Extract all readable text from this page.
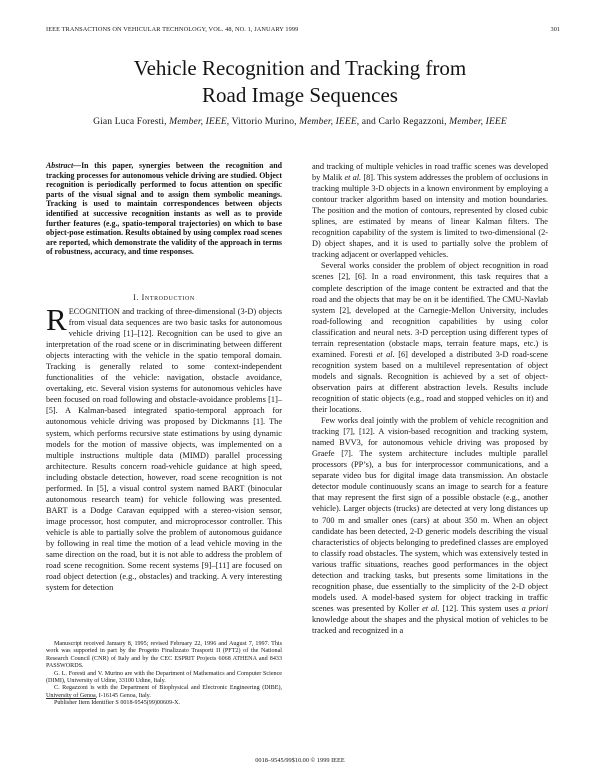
IEEE TRANSACTIONS ON VEHICULAR TECHNOLOGY, VOL. 48, NO. 1, JANUARY 1999	301
Vehicle Recognition and Tracking from
Road Image Sequences
Gian Luca Foresti, Member, IEEE, Vittorio Murino, Member, IEEE, and Carlo Regazzoni, Member, IEEE
Abstract—In this paper, synergies between the recognition and tracking processes for autonomous vehicle driving are studied. Object recognition is periodically performed to focus attention on specific parts of the visual signal and to assign them symbolic meanings. Tracking is used to maintain correspondences between objects identified at successive recognition instants as well as to provide further features (e.g., spatio-temporal trajectories) on which to base object-pose estimation. Results obtained by using complex road scenes are reported, which demonstrate the validity of the approach in terms of robustness, accuracy, and time responses.
I. Introduction

RECOGNITION and tracking of three-dimensional (3-D) objects from visual data sequences are two basic tasks for autonomous vehicle driving [1]–[12]. Recognition can be used to give an interpretation of the road scene or in discriminating between different objects interacting with the vehicle in the spatio temporal domain. Tracking is generally related to some context-independent functionalities of the vehicle: navigation, obstacle avoidance, overtaking, etc. Several vision systems for autonomous vehicles have been focused on road following and obstacle-avoidance problems [1]–[5]. A Kalman-based integrated spatio-temporal approach for autonomous vehicle driving was proposed by Dickmanns [1]. The system, which performs recursive state estimations by using dynamic models for the motion of massive objects, was implemented on a multiple instructions multiple data (MIMD) parallel processing architecture. Results concern road-vehicle guidance at high speed, including obstacle detection, however, road scene recognition is not performed. In [5], a visual control system named BART (binocular autonomous research team) for vehicle following was presented. BART is a Dodge Caravan equipped with a stereo-vision sensor, image processor, host computer, and microprocessor controller. This vehicle is able to partially solve the problem of autonomous guidance by following in real time the motion of a lead vehicle moving in the same direction on the road, but it is not able to address the problem of road scene recognition. Some recent systems [9]–[11] are focused on road object detection (e.g., obstacles) and tracking. A very interesting system for detection

Manuscript received January 8, 1995; revised February 22, 1996 and August 7, 1997. This work was supported in part by the Progetto Finalizzato Trasporti II (PFT2) of the National Research Council (CNR) of Italy and by the CEC ESPRIT Projects 6068 ATHENA and 8433 PASSWORDS.

G. L. Foresti and V. Murino are with the Department of Mathematics and Computer Science (DIMI), University of Udine, 33100 Udine, Italy.

C. Regazzoni is with the Department of Biophysical and Electronic Engineering (DIBE), University of Genoa, I-16145 Genoa, Italy.

Publisher Item Identifier S 0018-9545(99)00609-X.

and tracking of multiple vehicles in road traffic scenes was developed by Malik et al. [8]. This system addresses the problem of occlusions in tracking multiple 3-D objects in a known environment by employing a contour tracker algorithm based on intensity and motion boundaries. The position and the motion of contours, represented by closed cubic splines, are estimated by means of linear Kalman filters. The recognition capability of the system is limited to two-dimensional (2-D) object shapes, and it is used to partially solve the problem of tracking adjacent or overlapped vehicles.

Several works consider the problem of object recognition in road scenes [2], [6]. In a road environment, this task requires that a complete description of the image content be extracted and that the road and the objects that may be on it be identified. The CMU-Navlab system [2], developed at the Carnegie-Mellon University, includes road-following and recognition capabilities by using color classification and neural nets. 3-D perception using different types of terrain representation (obstacle maps, terrain feature maps, etc.) is examined. Foresti et al. [6] developed a distributed 3-D road-scene recognition system based on a multilevel representation of object models and signals. Recognition is achieved by a set of object-observation pairs at different abstraction levels. Results include recognition of static objects (e.g., road and stopped vehicles on it) and their locations.

Few works deal jointly with the problem of vehicle recognition and tracking [7], [12]. A vision-based recognition and tracking system, named BVV3, for autonomous vehicle driving was proposed by Graefe [7]. The system architecture includes multiple parallel processors (PP’s), a bus for interprocessor communications, and a separate video bus for digital image data transmission. An obstacle detector module continuously scans an image to search for a feature that may represent the first sign of a possible obstacle (e.g., another vehicle). Larger objects (trucks) are detected at very long distances up to 700 m and smaller ones (cars) at about 350 m. When an object candidate has been detected, 2-D generic models describing the visual characteristics of objects belonging to predefined classes are employed to classify road obstacles. The system, which was extensively tested in various traffic situations, reaches good performances in the object detection and tracking tasks, but presents some limitations in the recognition phase, due essentially to the simplicity of the 2-D object models used. A model-based system for object tracking in traffic scenes was presented by Koller et al. [12]. This system uses a priori knowledge about the shapes and the physical motion of vehicles to be tracked and recognized in a

0018–9545/99$10.00 © 1999 IEEE
